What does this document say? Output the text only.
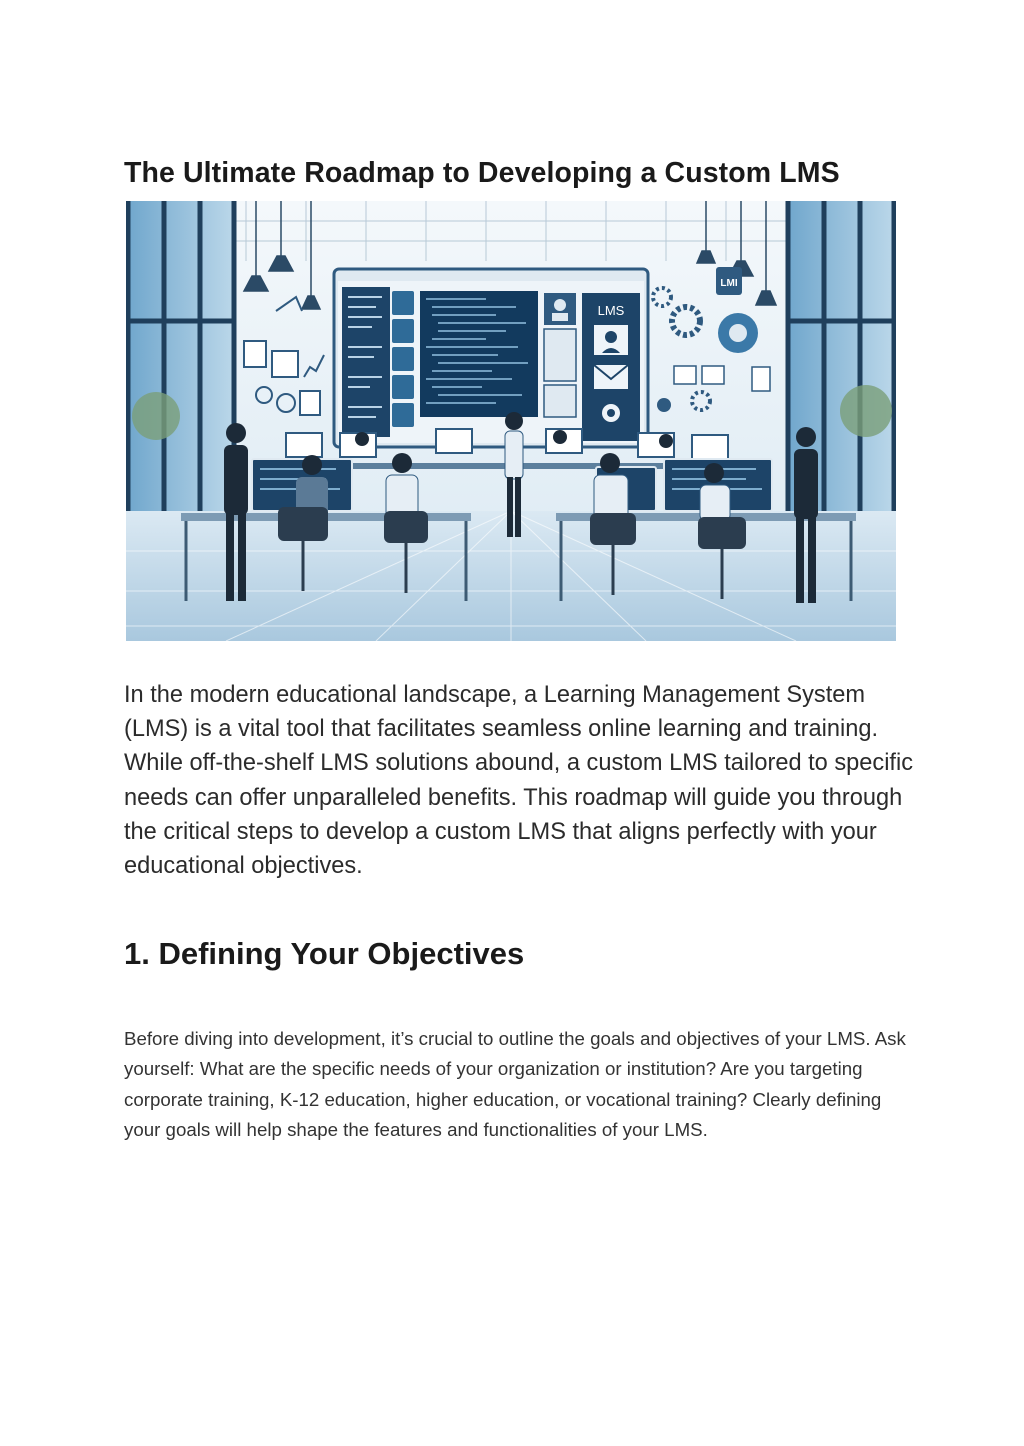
The Ultimate Roadmap to Developing a Custom LMS
LMS
LMI

In the modern educational landscape, a Learning Management System (LMS) is a vital tool that facilitates seamless online learning and training. While off-the-shelf LMS solutions abound, a custom LMS tailored to specific needs can offer unparalleled benefits. This roadmap will guide you through the critical steps to develop a custom LMS that aligns perfectly with your educational objectives.

1. Defining Your Objectives

Before diving into development, it’s crucial to outline the goals and objectives of your LMS. Ask yourself: What are the specific needs of your organization or institution? Are you targeting corporate training, K-12 education, higher education, or vocational training? Clearly defining your goals will help shape the features and functionalities of your LMS.
